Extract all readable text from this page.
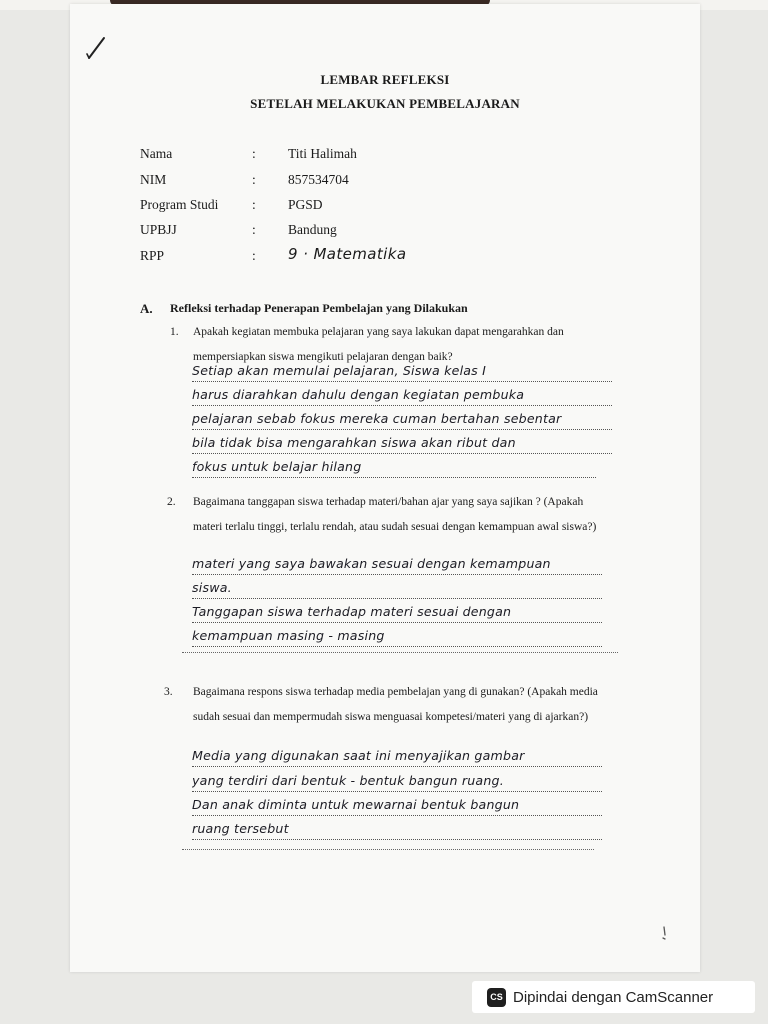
LEMBAR REFLEKSI
SETELAH MELAKUKAN PEMBELAJARAN
Nama	: Titi Halimah
NIM	: 857534704
Program Studi : PGSD
UPBJJ	: Bandung
RPP	: 9 · Matematika
A. Refleksi terhadap Penerapan Pembelajan yang Dilakukan
1. Apakah kegiatan membuka pelajaran yang saya lakukan dapat mengarahkan dan mempersiapkan siswa mengikuti pelajaran dengan baik?
Setiap akan memulai pelajaran, Siswa kelas I
harus diarahkan dahulu dengan kegiatan pembuka
pelajaran sebab fokus mereka cuman bertahan sebentar
bila tidak bisa mengarahkan siswa akan ribut dan
fokus untuk belajar hilang
2. Bagaimana tanggapan siswa terhadap materi/bahan ajar yang saya sajikan ? (Apakah materi terlalu tinggi, terlalu rendah, atau sudah sesuai dengan kemampuan awal siswa?)
materi yang saya bawakan sesuai dengan kemampuan
siswa.
Tanggapan siswa terhadap materi sesuai dengan
kemampuan masing - masing
3. Bagaimana respons siswa terhadap media pembelajan yang di gunakan? (Apakah media sudah sesuai dan mempermudah siswa menguasai kompetesi/materi yang di ajarkan?)
Media yang digunakan saat ini menyajikan gambar
yang terdiri dari bentuk - bentuk bangun ruang.
Dan anak diminta untuk mewarnai bentuk bangun
ruang tersebut
CS Dipindai dengan CamScanner
